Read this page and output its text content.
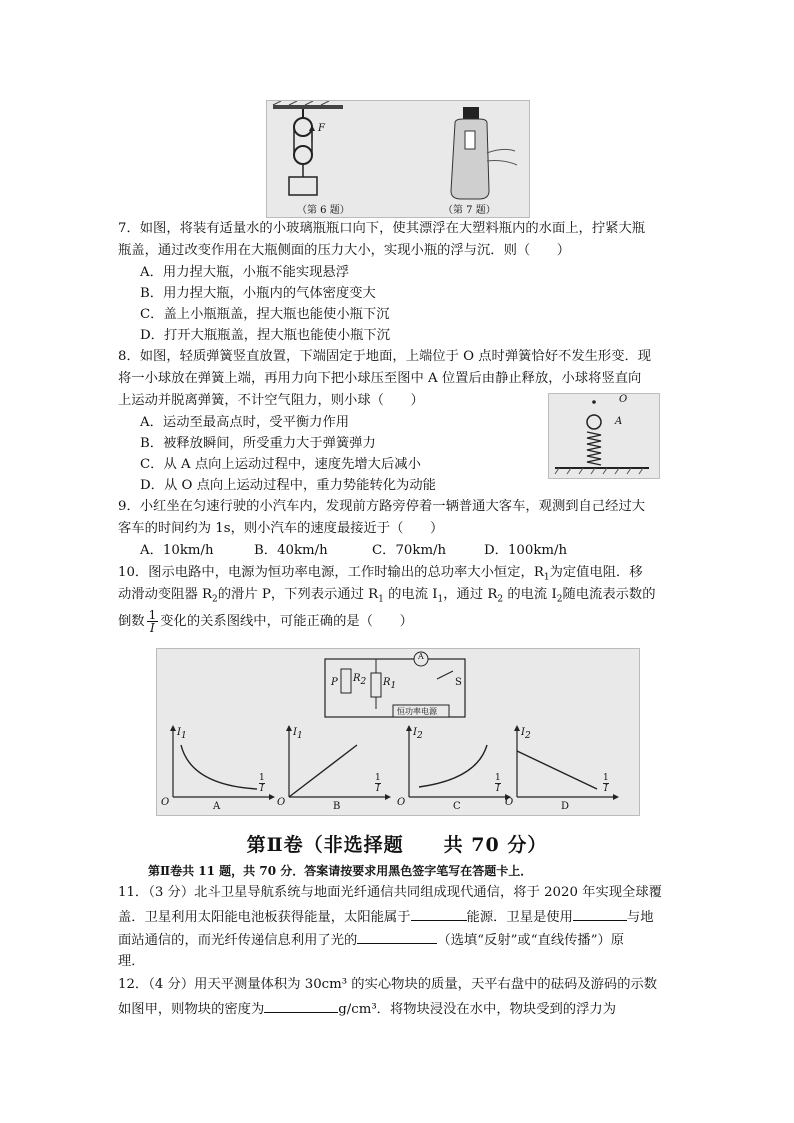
（第 6 题）	（第 7 题）
F
7．如图，将装有适量水的小玻璃瓶瓶口向下，使其漂浮在大塑料瓶内的水面上，拧紧大瓶
瓶盖，通过改变作用在大瓶侧面的压力大小，实现小瓶的浮与沉．则（　　）
A．用力捏大瓶，小瓶不能实现悬浮
B．用力捏大瓶，小瓶内的气体密度变大
C．盖上小瓶瓶盖，捏大瓶也能使小瓶下沉
D．打开大瓶瓶盖，捏大瓶也能使小瓶下沉
8．如图，轻质弹簧竖直放置，下端固定于地面，上端位于 O 点时弹簧恰好不发生形变．现
将一小球放在弹簧上端，再用力向下把小球压至图中 A 位置后由静止释放，小球将竖直向
上运动并脱离弹簧，不计空气阻力，则小球（　　）
A．运动至最高点时，受平衡力作用
B．被释放瞬间，所受重力大于弹簧弹力
C．从 A 点向上运动过程中，速度先增大后减小
D．从 O 点向上运动过程中，重力势能转化为动能
O
A
9．小红坐在匀速行驶的小汽车内，发现前方路旁停着一辆普通大客车，观测到自己经过大
客车的时间约为 1s，则小汽车的速度最接近于（　　）
A．10km/h	B．40km/h	C．70km/h	D．100km/h
10．图示电路中，电源为恒功率电源，工作时输出的总功率大小恒定，$R_1$为定值电阻．移
动滑动变阻器 $R_2$的滑片 P，下列表示通过 $R_1$ 的电流 $I_1$，通过 $R_2$ 的电流 $I_2$随电流表示数的
倒数 $\frac{1}{I}$ 变化的关系图线中，可能正确的是（　　）
P $R_2$ $R_1$	S
A
恒功率电源
$I_1$
1
I
O	A
$I_1$
1
I
O	B
$I_2$
1
I
O	C
$I_2$
1
I
O	D
第Ⅱ卷（非选择题　　共 70 分）
第Ⅱ卷共 11 题，共 70 分．答案请按要求用黑色签字笔写在答题卡上．
11．（3 分）北斗卫星导航系统与地面光纤通信共同组成现代通信，将于 2020 年实现全球覆
盖．卫星利用太阳能电池板获得能量，太阳能属于	能源．卫星是使用	与地
面站通信的，而光纤传递信息利用了光的	（选填“反射”或“直线传播”）原
理．
12．（4 分）用天平测量体积为 30cm³ 的实心物块的质量，天平右盘中的砝码及游码的示数
如图甲，则物块的密度为	g/cm³．将物块浸没在水中，物块受到的浮力为
